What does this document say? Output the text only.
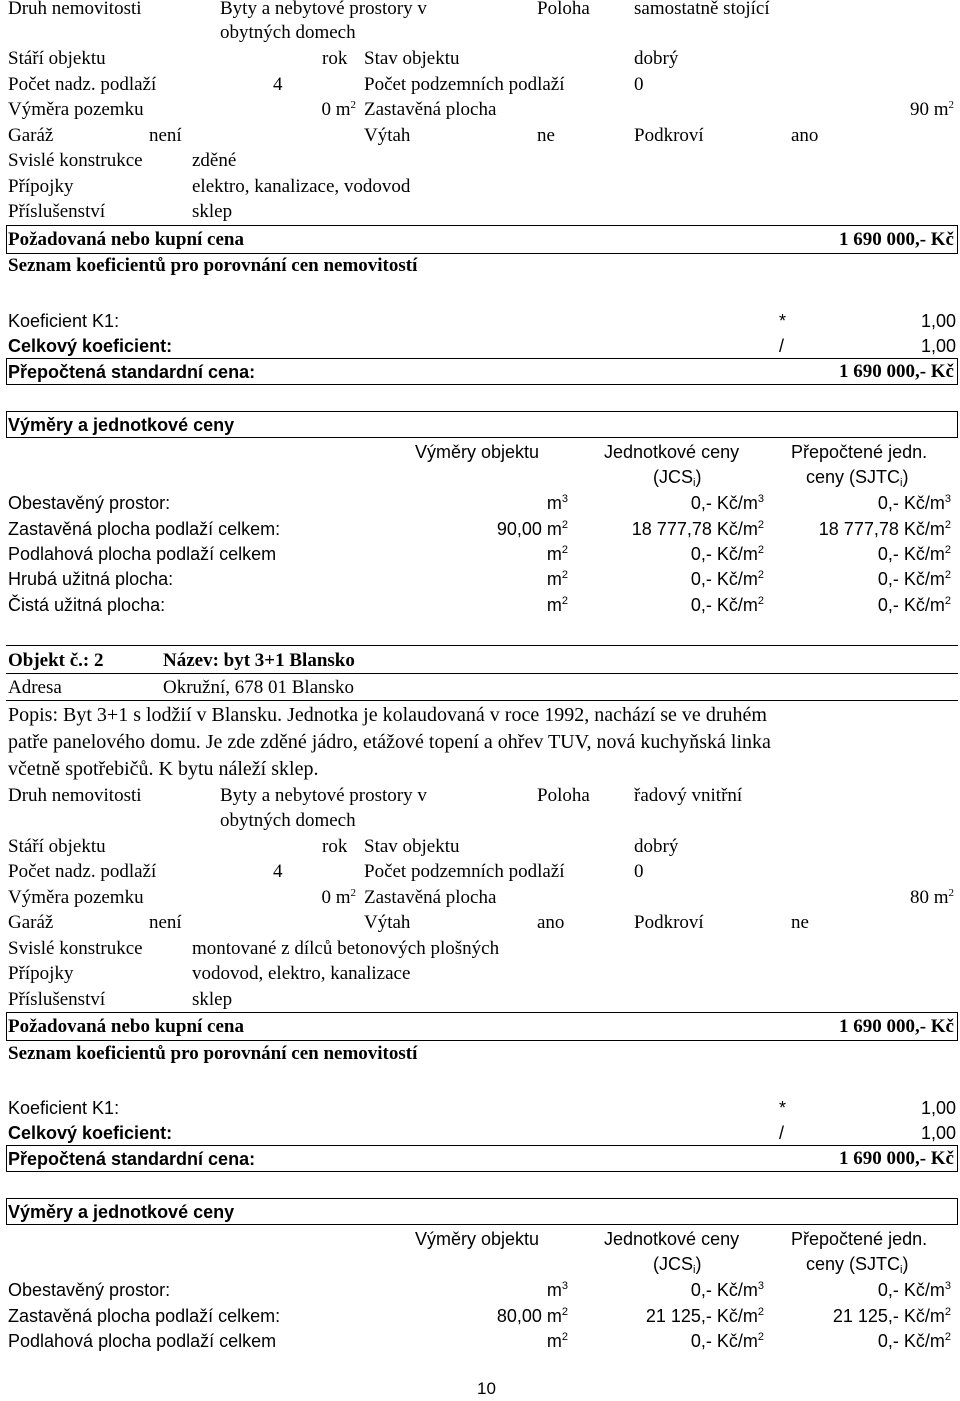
Druh nemovitosti	Byty a nebytové prostory v
obytných domech
Poloha samostatně stojící
Stáří objektu	rok Stav objektu	dobrý
Počet nadz. podlaží	4	Počet podzemních podlaží	0
Výměra pozemku	0 $m^2$ Zastavěná plocha	90 $m^2$
Garáž	není	Výtah	ne	Podkroví	ano
Svislé konstrukce	zděné
Přípojky	elektro, kanalizace, vodovod
Příslušenství	sklep
Požadovaná nebo kupní cena	1 690 000,- Kč
Seznam koeficientů pro porovnání cen nemovitostí
Koeficient K1:	*	1,00
Celkový koeficient:	/	1,00
Přepočtená standardní cena:	1 690 000,- Kč
Výměry a jednotkové ceny
Výměry objektu	Jednotkové ceny
$(JCS_i)$
Přepočtené jedn.
ceny $(SJTC_i)$
Obestavěný prostor:	$m^3$	0,- $Kč/m^3$	0,- $Kč/m^3$
Zastavěná plocha podlaží celkem:	90,00 $m^2$	18 777,78 $Kč/m^2$	18 777,78 $Kč/m^2$
Podlahová plocha podlaží celkem	$m^2$	0,- $Kč/m^2$	0,- $Kč/m^2$
Hrubá užitná plocha:	$m^2$	0,- $Kč/m^2$	0,- $Kč/m^2$
Čistá užitná plocha:	$m^2$	0,- $Kč/m^2$	0,- $Kč/m^2$
Objekt č.: 2	Název: byt 3+1 Blansko
Adresa	Okružní, 678 01 Blansko
Popis: Byt 3+1 s lodžií v Blansku. Jednotka je kolaudovaná v roce 1992, nachází se ve druhém
patře panelového domu. Je zde zděné jádro, etážové topení a ohřev TUV, nová kuchyňská linka
včetně spotřebičů. K bytu náleží sklep.
Druh nemovitosti	Byty a nebytové prostory v
obytných domech
Poloha řadový vnitřní
Stáří objektu	rok Stav objektu	dobrý
Počet nadz. podlaží	4	Počet podzemních podlaží	0
Výměra pozemku	0 $m^2$ Zastavěná plocha	80 $m^2$
Garáž	není	Výtah	ano	Podkroví	ne
Svislé konstrukce	montované z dílců betonových plošných
Přípojky	vodovod, elektro, kanalizace
Příslušenství	sklep
Požadovaná nebo kupní cena	1 690 000,- Kč
Seznam koeficientů pro porovnání cen nemovitostí
Koeficient K1:	*	1,00
Celkový koeficient:	/	1,00
Přepočtená standardní cena:	1 690 000,- Kč
Výměry a jednotkové ceny
Výměry objektu	Jednotkové ceny
$(JCS_i)$
Přepočtené jedn.
ceny $(SJTC_i)$
Obestavěný prostor:	$m^3$	0,- $Kč/m^3$	0,- $Kč/m^3$
Zastavěná plocha podlaží celkem:	80,00 $m^2$	21 125,- $Kč/m^2$	21 125,- $Kč/m^2$
Podlahová plocha podlaží celkem	$m^2$	0,- $Kč/m^2$	0,- $Kč/m^2$
10
